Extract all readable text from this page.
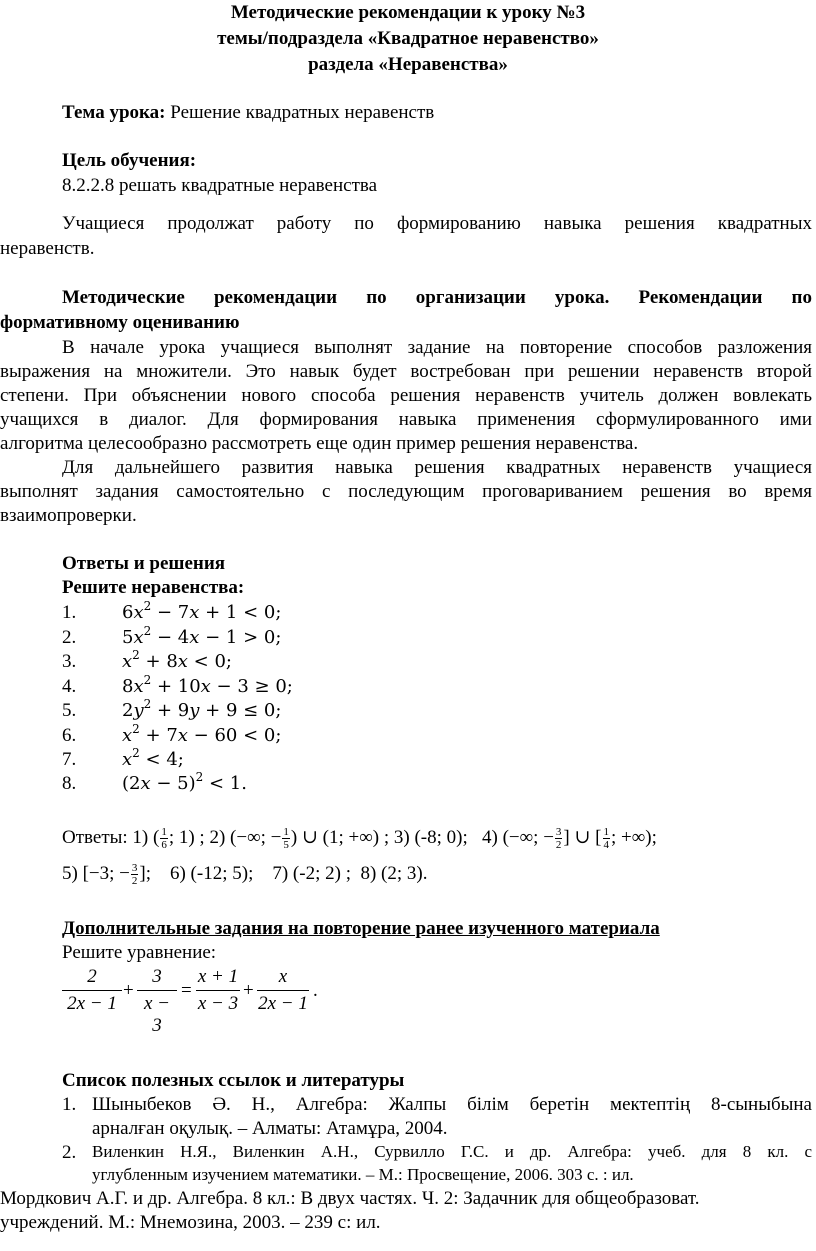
Методические рекомендации к уроку №3
темы/подраздела «Квадратное неравенство»
раздела «Неравенства»
Тема урока: Решение квадратных неравенств
Цель обучения:
8.2.2.8 решать квадратные неравенства
Учащиеся продолжат работу по формированию навыка решения квадратных
неравенств.
Методические рекомендации по организации урока. Рекомендации по
формативному оцениванию
В начале урока учащиеся выполнят задание на повторение способов разложения
выражения на множители. Это навык будет востребован при решении неравенств второй
степени. При объяснении нового способа решения неравенств учитель должен вовлекать
учащихся в диалог. Для формирования навыка применения сформулированного ими
алгоритма целесообразно рассмотреть еще один пример решения неравенства.
Для дальнейшего развития навыка решения квадратных неравенств учащиеся
выполнят задания самостоятельно с последующим проговариванием решения во время
взаимопроверки.
Ответы и решения
Решите неравенства:
1.	6𝑥$^2$ − 7𝑥 + 1 < 0;
2.	5𝑥$^2$ − 4𝑥 − 1 > 0;
3.	𝑥$^2$ + 8𝑥 < 0;
4.	8𝑥$^2$ + 10𝑥 − 3 ≥ 0;
5.	2𝑦$^2$ + 9𝑦 + 9 ≤ 0;
6.	𝑥$^2$ + 7𝑥 − 60 < 0;
7.	𝑥$^2$ < 4;
8.	(2𝑥 − 5)$^2$ < 1.
Ответы: 1) ( $\frac{1}{6}$ ; 1) ; 2) (−∞; − $\frac{1}{5}$ ) ∪ (1; +∞) ; 3) (-8; 0); 4) (−∞; − $\frac{3}{2}$ ] ∪ [ $\frac{1}{4}$ ; +∞);
5) [−3; − $\frac{3}{2}$ ]; 6) (-12; 5); 7) (-2; 2) ; 8) (2; 3).
Дополнительные задания на повторение ранее изученного материала
Решите уравнение:
2
2x − 1
+
3
x − 3
=
x + 1
x − 3
+
x
2x − 1
.
Список полезных ссылок и литературы
1. Шыныбеков Ә. Н., Алгебра: Жалпы білім беретін мектептің 8-сыныбына
арналған оқулық. – Алматы: Атамұра, 2004.
2. Виленкин Н.Я., Виленкин А.Н., Сурвилло Г.С. и др. Алгебра: учеб. для 8 кл. с
углубленным изучением математики. – М.: Просвещение, 2006. 303 с. : ил.
Мордкович А.Г. и др. Алгебра. 8 кл.: В двух частях. Ч. 2: Задачник для общеобразоват.
учреждений. М.: Мнемозина, 2003. – 239 с: ил.
